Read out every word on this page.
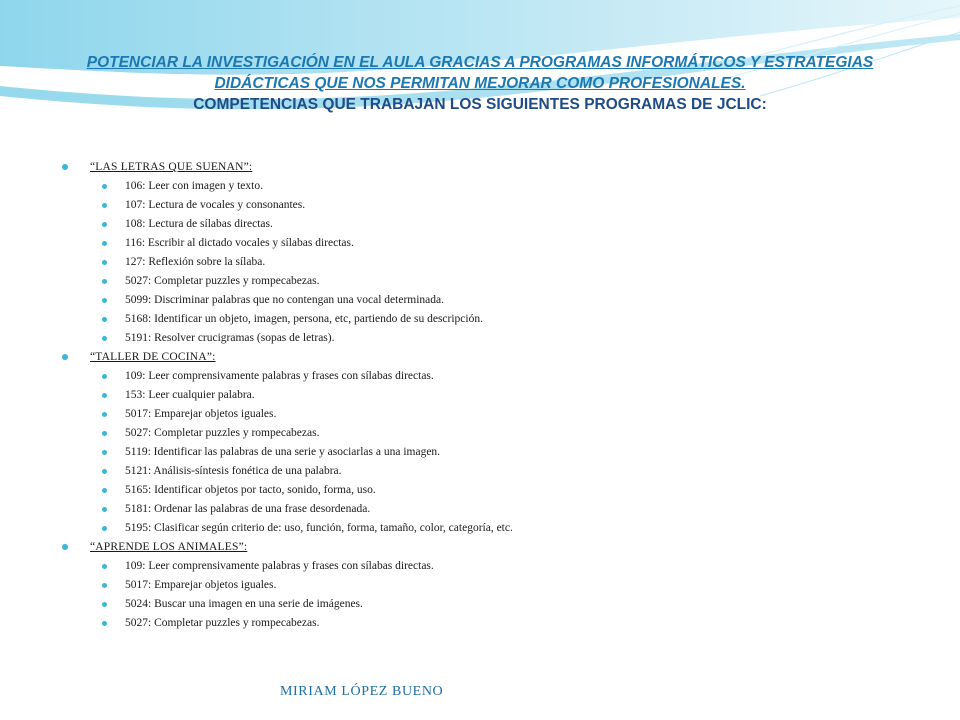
POTENCIAR LA INVESTIGACIÓN EN EL AULA GRACIAS A PROGRAMAS INFORMÁTICOS Y ESTRATEGIAS

DIDÁCTICAS QUE NOS PERMITAN MEJORAR COMO PROFESIONALES.

COMPETENCIAS QUE TRABAJAN LOS SIGUIENTES PROGRAMAS DE JCLIC:

“LAS LETRAS QUE SUENAN”:
106: Leer con imagen y texto.
107: Lectura de vocales y consonantes.
108: Lectura de sílabas directas.
116: Escribir al dictado vocales y sílabas directas.
127: Reflexión sobre la sílaba.
5027: Completar puzzles y rompecabezas.
5099: Discriminar palabras que no contengan una vocal determinada.
5168: Identificar un objeto, imagen, persona, etc, partiendo de su descripción.
5191: Resolver crucigramas (sopas de letras).
“TALLER DE COCINA”:
109: Leer comprensivamente palabras y frases con sílabas directas.
153: Leer cualquier palabra.
5017: Emparejar objetos iguales.
5027: Completar puzzles y rompecabezas.
5119: Identificar las palabras de una serie y asociarlas a una imagen.
5121: Análisis-síntesis fonética de una palabra.
5165: Identificar objetos por tacto, sonido, forma, uso.
5181: Ordenar las palabras de una frase desordenada.
5195: Clasificar según criterio de: uso, función, forma, tamaño, color, categoría, etc.
“APRENDE LOS ANIMALES”:
109: Leer comprensivamente palabras y frases con sílabas directas.
5017: Emparejar objetos iguales.
5024: Buscar una imagen en una serie de imágenes.
5027: Completar puzzles y rompecabezas.
MIRIAM LÓPEZ BUENO
